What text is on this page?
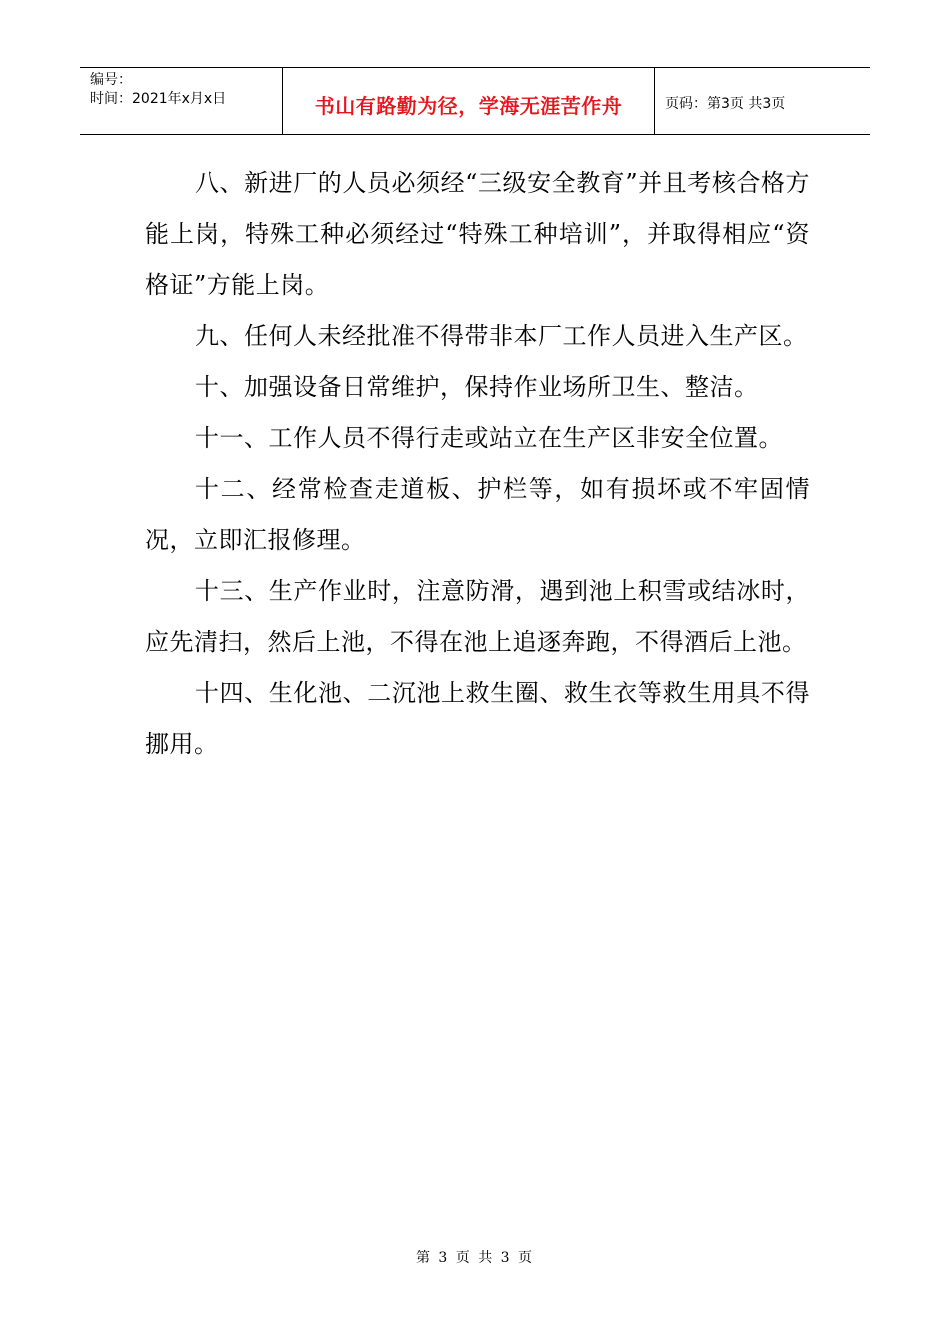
编号：
时间：2021年x月x日	书山有路勤为径，学海无涯苦作舟	页码：第3页 共3页

八、新进厂的人员必须经“三级安全教育”并且考核合格方能上岗，特殊工种必须经过“特殊工种培训”，并取得相应“资格证”方能上岗。

九、任何人未经批准不得带非本厂工作人员进入生产区。

十、加强设备日常维护，保持作业场所卫生、整洁。

十一、工作人员不得行走或站立在生产区非安全位置。

十二、经常检查走道板、护栏等，如有损坏或不牢固情况，立即汇报修理。

十三、生产作业时，注意防滑，遇到池上积雪或结冰时，应先清扫，然后上池，不得在池上追逐奔跑，不得酒后上池。

十四、生化池、二沉池上救生圈、救生衣等救生用具不得挪用。

第 3 页 共 3 页
